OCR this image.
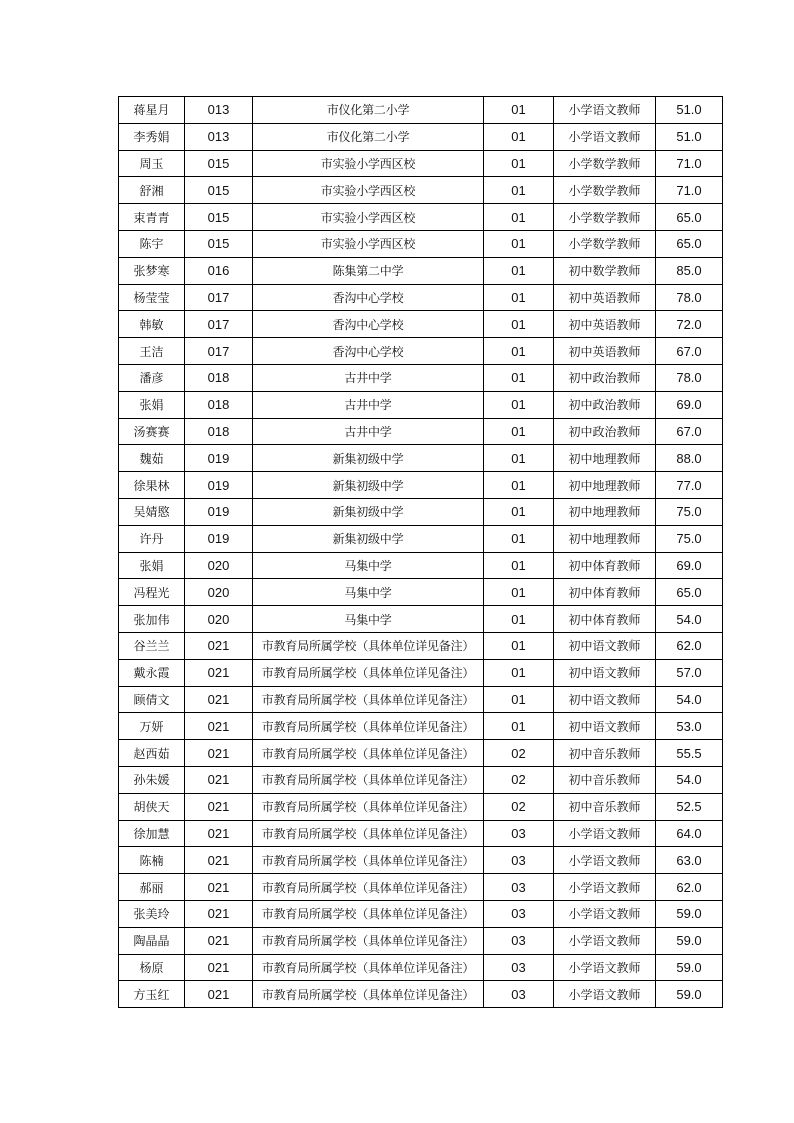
蒋星月	013	市仪化第二小学	01	小学语文教师	51.0
李秀娟	013	市仪化第二小学	01	小学语文教师	51.0
周玉	015	市实验小学西区校	01	小学数学教师	71.0
舒湘	015	市实验小学西区校	01	小学数学教师	71.0
束青青	015	市实验小学西区校	01	小学数学教师	65.0
陈宇	015	市实验小学西区校	01	小学数学教师	65.0
张梦寒	016	陈集第二中学	01	初中数学教师	85.0
杨莹莹	017	香沟中心学校	01	初中英语教师	78.0
韩敏	017	香沟中心学校	01	初中英语教师	72.0
王洁	017	香沟中心学校	01	初中英语教师	67.0
潘彦	018	古井中学	01	初中政治教师	78.0
张娟	018	古井中学	01	初中政治教师	69.0
汤赛赛	018	古井中学	01	初中政治教师	67.0
魏茹	019	新集初级中学	01	初中地理教师	88.0
徐果林	019	新集初级中学	01	初中地理教师	77.0
吴婧愍	019	新集初级中学	01	初中地理教师	75.0
许丹	019	新集初级中学	01	初中地理教师	75.0
张娟	020	马集中学	01	初中体育教师	69.0
冯程光	020	马集中学	01	初中体育教师	65.0
张加伟	020	马集中学	01	初中体育教师	54.0
谷兰兰	021	市教育局所属学校（具体单位详见备注）	01	初中语文教师	62.0
戴永霞	021	市教育局所属学校（具体单位详见备注）	01	初中语文教师	57.0
顾倩文	021	市教育局所属学校（具体单位详见备注）	01	初中语文教师	54.0
万妍	021	市教育局所属学校（具体单位详见备注）	01	初中语文教师	53.0
赵西茹	021	市教育局所属学校（具体单位详见备注）	02	初中音乐教师	55.5
孙朱媛	021	市教育局所属学校（具体单位详见备注）	02	初中音乐教师	54.0
胡侠天	021	市教育局所属学校（具体单位详见备注）	02	初中音乐教师	52.5
徐加慧	021	市教育局所属学校（具体单位详见备注）	03	小学语文教师	64.0
陈楠	021	市教育局所属学校（具体单位详见备注）	03	小学语文教师	63.0
郝丽	021	市教育局所属学校（具体单位详见备注）	03	小学语文教师	62.0
张美玲	021	市教育局所属学校（具体单位详见备注）	03	小学语文教师	59.0
陶晶晶	021	市教育局所属学校（具体单位详见备注）	03	小学语文教师	59.0
杨原	021	市教育局所属学校（具体单位详见备注）	03	小学语文教师	59.0
方玉红	021	市教育局所属学校（具体单位详见备注）	03	小学语文教师	59.0
